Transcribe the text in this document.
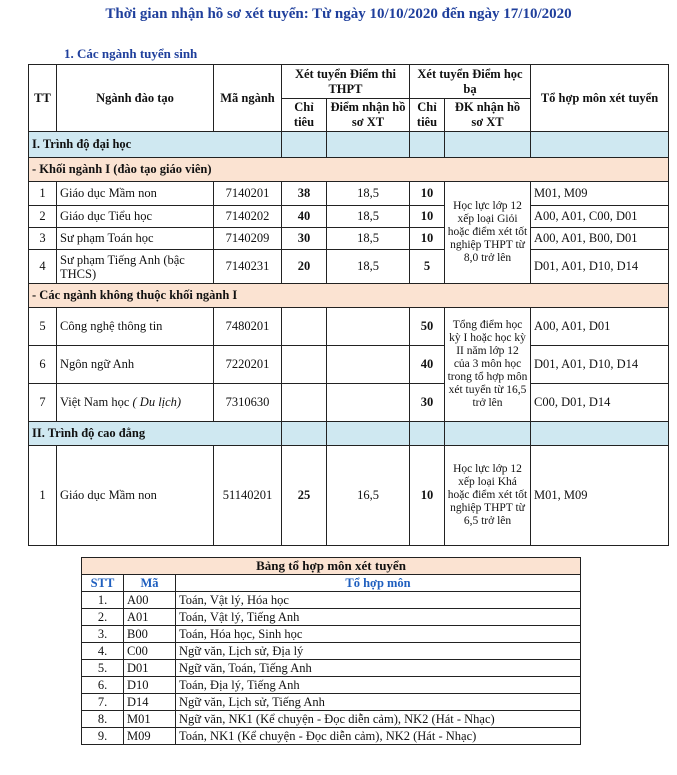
Thời gian nhận hồ sơ xét tuyển: Từ ngày 10/10/2020 đến ngày 17/10/2020
1. Các ngành tuyển sinh
TT	Ngành đào tạo	Mã ngành	Xét tuyển Điểm thi THPT		Xét tuyển Điểm học bạ		Tổ hợp môn xét tuyển
			Chỉ tiêu	Điểm nhận hồ sơ XT	Chỉ tiêu	ĐK nhận hồ sơ XT	
I. Trình độ đại học							
- Khối ngành I (đào tạo giáo viên)							
1	Giáo dục Mầm non	7140201	38	18,5	10	Học lực lớp 12 xếp loại Giỏi hoặc điểm xét tốt nghiệp THPT từ 8,0 trở lên	M01, M09
2	Giáo dục Tiểu học	7140202	40	18,5	10		A00, A01, C00, D01
3	Sư phạm Toán học	7140209	30	18,5	10		A00, A01, B00, D01
4	Sư phạm Tiếng Anh (bậc THCS)	7140231	20	18,5	5		D01, A01, D10, D14
- Các ngành không thuộc khối ngành I							
5	Công nghệ thông tin	7480201			50	Tổng điểm học kỳ I hoặc học kỳ II năm lớp 12 của 3 môn học trong tổ hợp môn xét tuyển từ 16,5 trở lên	A00, A01, D01
6	Ngôn ngữ Anh	7220201			40		D01, A01, D10, D14
7	Việt Nam học ( Du lịch)	7310630			30		C00, D01, D14
II. Trình độ cao đẳng							
1	Giáo dục Mầm non	51140201	25	16,5	10	Học lực lớp 12 xếp loại Khá hoặc điểm xét tốt nghiệp THPT từ 6,5 trở lên	M01, M09
Bảng tổ hợp môn xét tuyển		
STT	Mã	Tổ hợp môn
1.	A00	Toán, Vật lý, Hóa học
2.	A01	Toán, Vật lý, Tiếng Anh
3.	B00	Toán, Hóa học, Sinh học
4.	C00	Ngữ văn, Lịch sử, Địa lý
5.	D01	Ngữ văn, Toán, Tiếng Anh
6.	D10	Toán, Địa lý, Tiếng Anh
7.	D14	Ngữ văn, Lịch sử, Tiếng Anh
8.	M01	Ngữ văn, NK1 (Kể chuyện - Đọc diễn cảm), NK2 (Hát - Nhạc)
9.	M09	Toán, NK1 (Kể chuyện - Đọc diễn cảm), NK2 (Hát - Nhạc)
